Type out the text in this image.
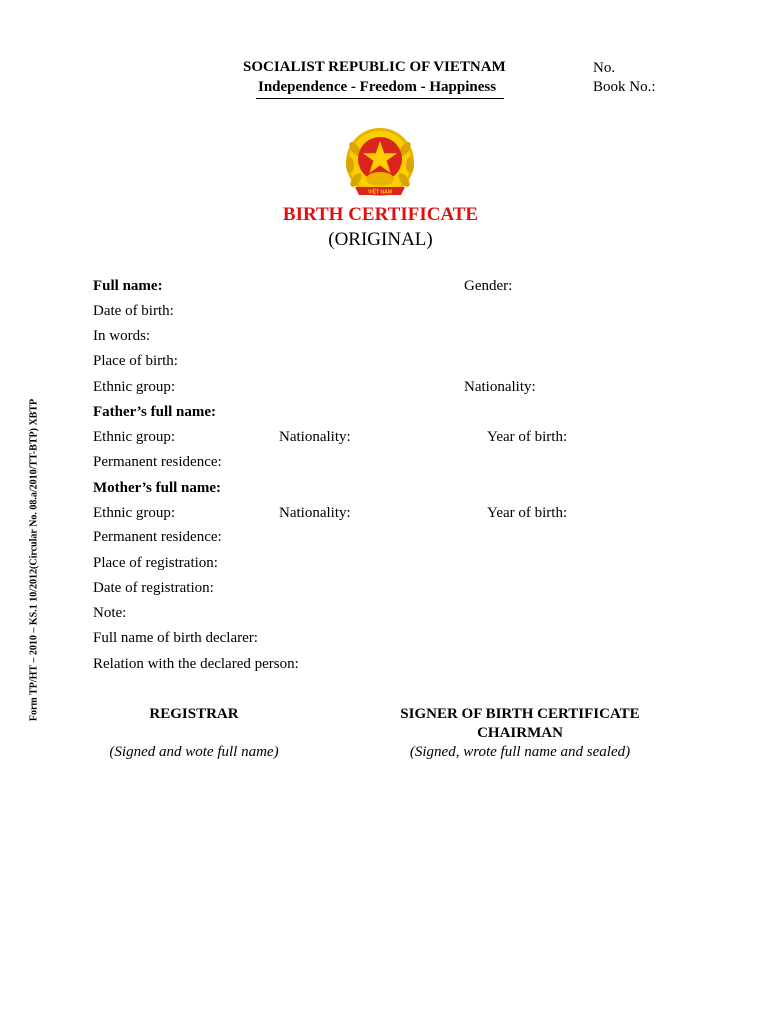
SOCIALIST REPUBLIC OF VIETNAM
Independence - Freedom - Happiness
No.
Book No.:
VIỆT NAM
BIRTH CERTIFICATE
(ORIGINAL)
Form TP/HT – 2010 – KS.1 10/2012(Circular No. 08.a/2010/TT-BTP) XBTP
Full name:	Gender:
Date of birth:
In words:
Place of birth:
Ethnic group:	Nationality:
Father’s full name:
Ethnic group:	Nationality:	Year of birth:
Permanent residence:
Mother’s full name:
Ethnic group:	Nationality:	Year of birth:
Permanent residence:
Place of registration:
Date of registration:
Note:
Full name of birth declarer:
Relation with the declared person:
REGISTRAR
(Signed and wote full name)
SIGNER OF BIRTH CERTIFICATE
CHAIRMAN
(Signed, wrote full name and sealed)
